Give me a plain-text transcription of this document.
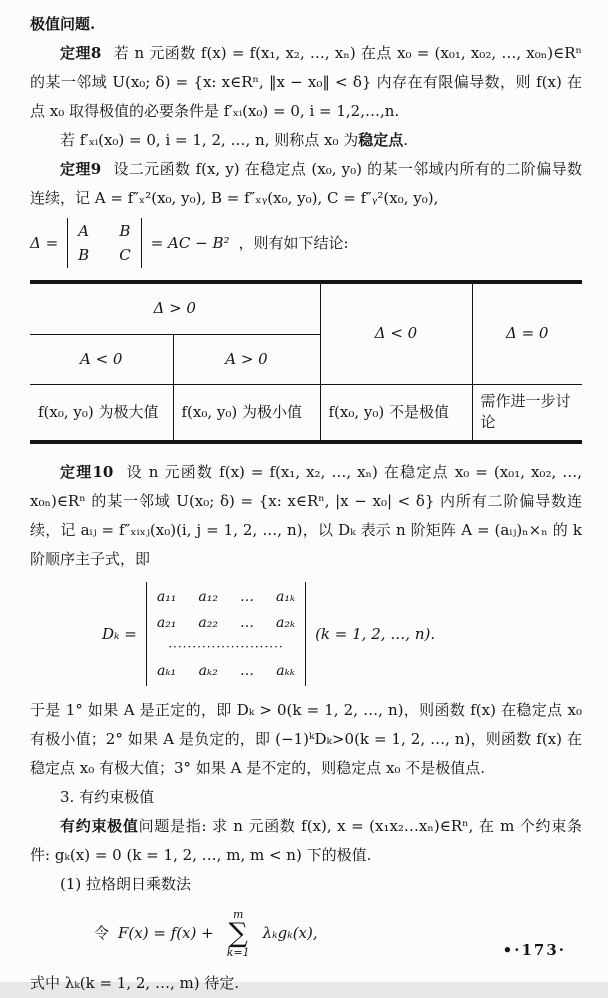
极值问题.

定理8 若 n 元函数 f(x) = f(x₁, x₂, …, xₙ) 在点 x₀ = (x₀₁, x₀₂, …, x₀ₙ)∈Rⁿ 的某一邻域 U(x₀; δ) = {x: x∈Rⁿ, ‖x − x₀‖ < δ} 内存在有限偏导数，则 f(x) 在点 x₀ 取得极值的必要条件是 f′ₓᵢ(x₀) = 0, i = 1,2,…,n.

若 f′ₓᵢ(x₀) = 0, i = 1, 2, …, n, 则称点 x₀ 为稳定点.

定理9 设二元函数 f(x, y) 在稳定点 (x₀, y₀) 的某一邻域内所有的二阶偏导数连续，记 A = f″ₓ²(x₀, y₀), B = f″ₓᵧ(x₀, y₀), C = f″ᵧ²(x₀, y₀),

Δ =
A B
B C
= AC − B² ，则有如下结论:
Δ > 0		Δ < 0	Δ = 0
A < 0	A > 0		
f(x₀, y₀) 为极大值	f(x₀, y₀) 为极小值	f(x₀, y₀) 不是极值	需作进一步讨论

定理10 设 n 元函数 f(x) = f(x₁, x₂, …, xₙ) 在稳定点 x₀ = (x₀₁, x₀₂, …, x₀ₙ)∈Rⁿ 的某一邻域 U(x₀; δ) = {x: x∈Rⁿ, |x − x₀| < δ} 内所有二阶偏导数连续，记 aᵢⱼ = f″ₓᵢₓⱼ(x₀)(i, j = 1, 2, …, n)，以 Dₖ 表示 n 阶矩阵 A = (aᵢⱼ)ₙ×ₙ 的 k 阶顺序主子式，即

Dₖ =
a₁₁ a₁₂ … a₁ₖ
a₂₁ a₂₂ … a₂ₖ
························
aₖ₁ aₖ₂ … aₖₖ
(k = 1, 2, …, n).

于是 1° 如果 A 是正定的，即 Dₖ > 0(k = 1, 2, …, n)，则函数 f(x) 在稳定点 x₀ 有极小值；2° 如果 A 是负定的，即 (−1)ᵏDₖ>0(k = 1, 2, …, n)，则函数 f(x) 在稳定点 x₀ 有极大值；3° 如果 A 是不定的，则稳定点 x₀ 不是极值点.

3. 有约束极值

有约束极值问题是指: 求 n 元函数 f(x), x = (x₁x₂…xₙ)∈Rⁿ, 在 m 个约束条件: gₖ(x) = 0 (k = 1, 2, …, m, m < n) 下的极值.

(1) 拉格朗日乘数法

令 F(x) = f(x) +
m
∑
k=1
λₖgₖ(x),

式中 λₖ(k = 1, 2, …, m) 待定.

•·173·
